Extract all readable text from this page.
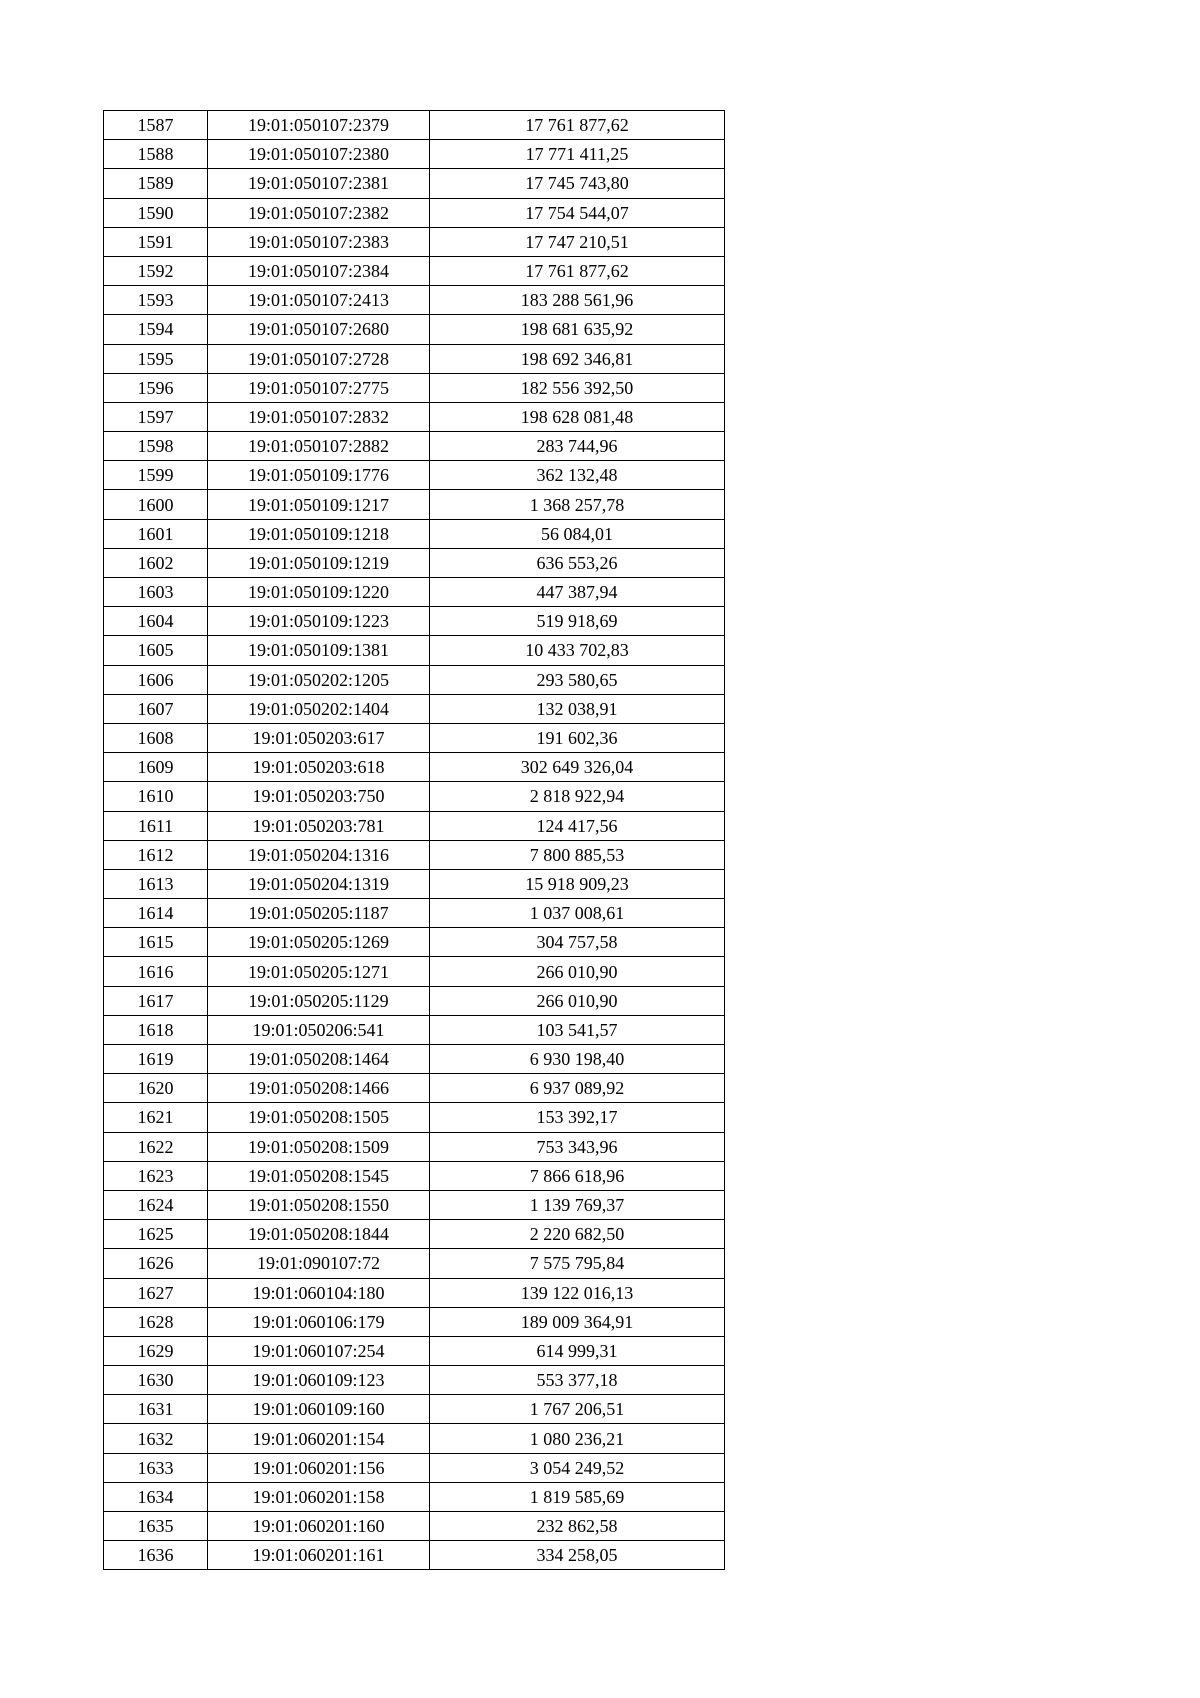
1587	19:01:050107:2379	17 761 877,62
1588	19:01:050107:2380	17 771 411,25
1589	19:01:050107:2381	17 745 743,80
1590	19:01:050107:2382	17 754 544,07
1591	19:01:050107:2383	17 747 210,51
1592	19:01:050107:2384	17 761 877,62
1593	19:01:050107:2413	183 288 561,96
1594	19:01:050107:2680	198 681 635,92
1595	19:01:050107:2728	198 692 346,81
1596	19:01:050107:2775	182 556 392,50
1597	19:01:050107:2832	198 628 081,48
1598	19:01:050107:2882	283 744,96
1599	19:01:050109:1776	362 132,48
1600	19:01:050109:1217	1 368 257,78
1601	19:01:050109:1218	56 084,01
1602	19:01:050109:1219	636 553,26
1603	19:01:050109:1220	447 387,94
1604	19:01:050109:1223	519 918,69
1605	19:01:050109:1381	10 433 702,83
1606	19:01:050202:1205	293 580,65
1607	19:01:050202:1404	132 038,91
1608	19:01:050203:617	191 602,36
1609	19:01:050203:618	302 649 326,04
1610	19:01:050203:750	2 818 922,94
1611	19:01:050203:781	124 417,56
1612	19:01:050204:1316	7 800 885,53
1613	19:01:050204:1319	15 918 909,23
1614	19:01:050205:1187	1 037 008,61
1615	19:01:050205:1269	304 757,58
1616	19:01:050205:1271	266 010,90
1617	19:01:050205:1129	266 010,90
1618	19:01:050206:541	103 541,57
1619	19:01:050208:1464	6 930 198,40
1620	19:01:050208:1466	6 937 089,92
1621	19:01:050208:1505	153 392,17
1622	19:01:050208:1509	753 343,96
1623	19:01:050208:1545	7 866 618,96
1624	19:01:050208:1550	1 139 769,37
1625	19:01:050208:1844	2 220 682,50
1626	19:01:090107:72	7 575 795,84
1627	19:01:060104:180	139 122 016,13
1628	19:01:060106:179	189 009 364,91
1629	19:01:060107:254	614 999,31
1630	19:01:060109:123	553 377,18
1631	19:01:060109:160	1 767 206,51
1632	19:01:060201:154	1 080 236,21
1633	19:01:060201:156	3 054 249,52
1634	19:01:060201:158	1 819 585,69
1635	19:01:060201:160	232 862,58
1636	19:01:060201:161	334 258,05
